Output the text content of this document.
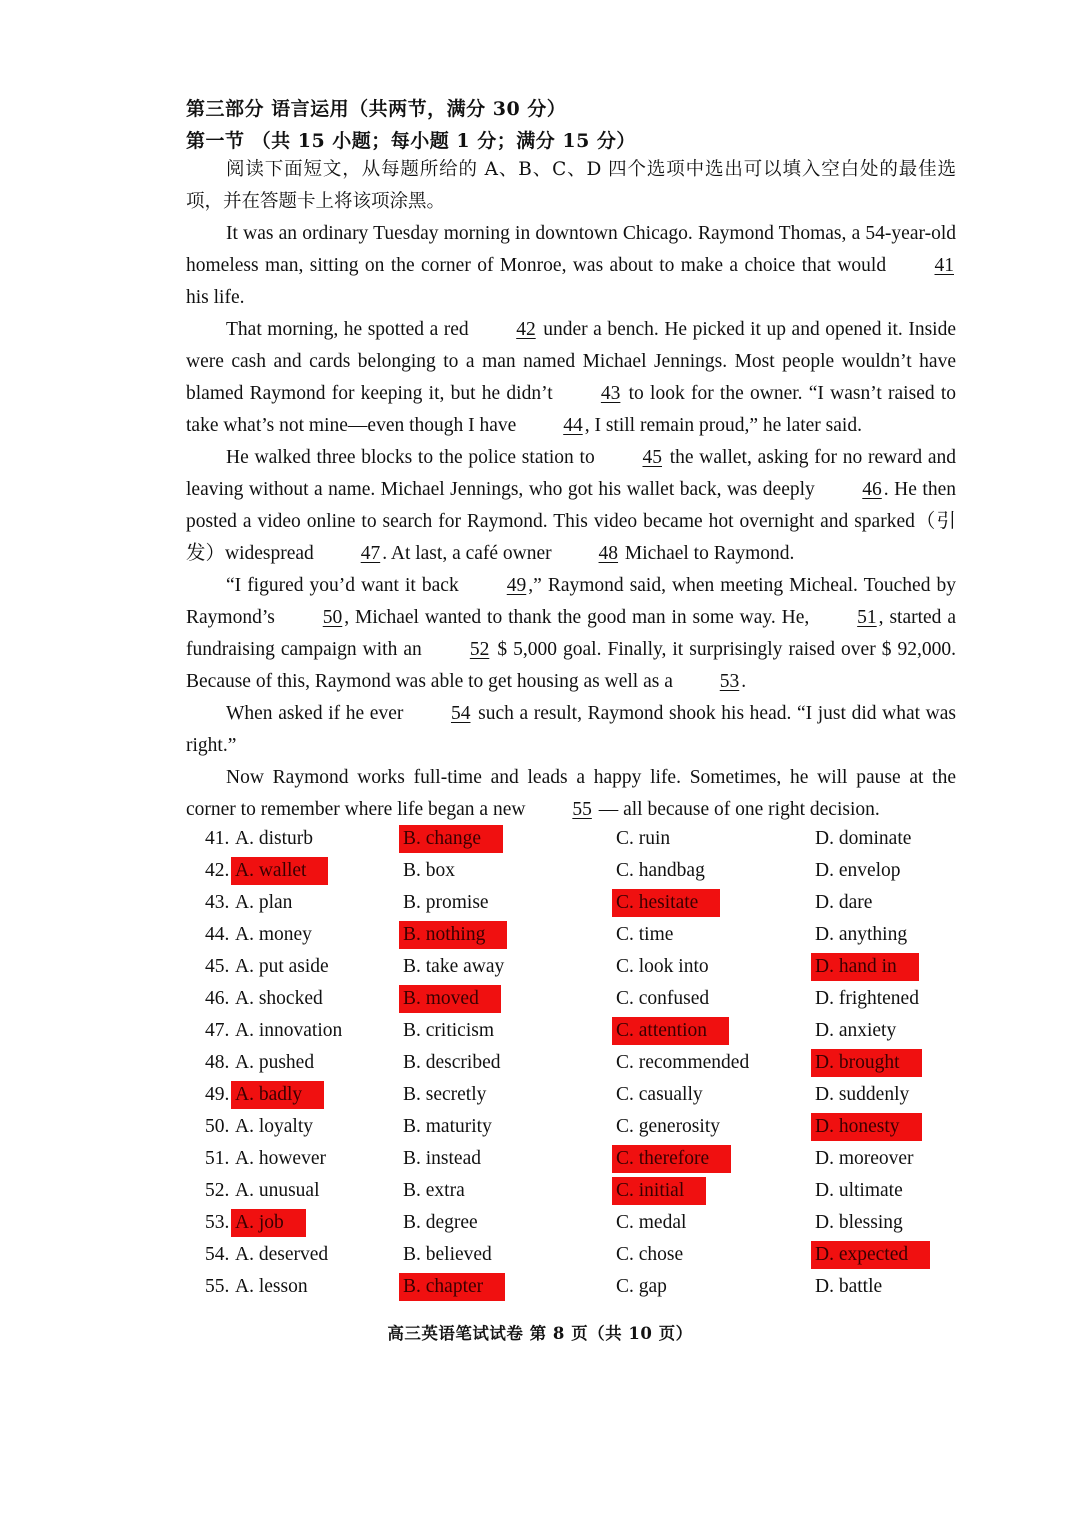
第三部分 语言运用（共两节，满分 30 分）
第一节 （共 15 小题；每小题 1 分；满分 15 分）

阅读下面短文，从每题所给的 A、B、C、D 四个选项中选出可以填入空白处的最佳选项，并在答题卡上将该项涂黑。

It was an ordinary Tuesday morning in downtown Chicago. Raymond Thomas, a 54-year-old homeless man, sitting on the corner of Monroe, was about to make a choice that would 41 his life.

That morning, he spotted a red 42 under a bench. He picked it up and opened it. Inside were cash and cards belonging to a man named Michael Jennings. Most people wouldn’t have blamed Raymond for keeping it, but he didn’t 43 to look for the owner. “I wasn’t raised to take what’s not mine—even though I have 44 , I still remain proud,” he later said.

He walked three blocks to the police station to 45 the wallet, asking for no reward and leaving without a name. Michael Jennings, who got his wallet back, was deeply 46 . He then posted a video online to search for Raymond. This video became hot overnight and sparked（引发）widespread 47 . At last, a café owner 48 Michael to Raymond.

“I figured you’d want it back 49 ,” Raymond said, when meeting Micheal. Touched by Raymond’s 50 , Michael wanted to thank the good man in some way. He, 51 , started a fundraising campaign with an 52 $ 5,000 goal. Finally, it surprisingly raised over $ 92,000. Because of this, Raymond was able to get housing as well as a 53 .

When asked if he ever 54 such a result, Raymond shook his head. “I just did what was right.”

Now Raymond works full-time and leads a happy life. Sometimes, he will pause at the corner to remember where life began a new 55 — all because of one right decision.

41. A. disturb	B. change	C. ruin	D. dominate
42. A. wallet	B. box	C. handbag	D. envelop
43. A. plan	B. promise	C. hesitate	D. dare
44. A. money	B. nothing	C. time	D. anything
45. A. put aside	B. take away	C. look into	D. hand in
46. A. shocked	B. moved	C. confused	D. frightened
47. A. innovation	B. criticism	C. attention	D. anxiety
48. A. pushed	B. described	C. recommended	D. brought
49. A. badly	B. secretly	C. casually	D. suddenly
50. A. loyalty	B. maturity	C. generosity	D. honesty
51. A. however	B. instead	C. therefore	D. moreover
52. A. unusual	B. extra	C. initial	D. ultimate
53. A. job	B. degree	C. medal	D. blessing
54. A. deserved	B. believed	C. chose	D. expected
55. A. lesson	B. chapter	C. gap	D. battle
高三英语笔试试卷 第 8 页（共 10 页）
